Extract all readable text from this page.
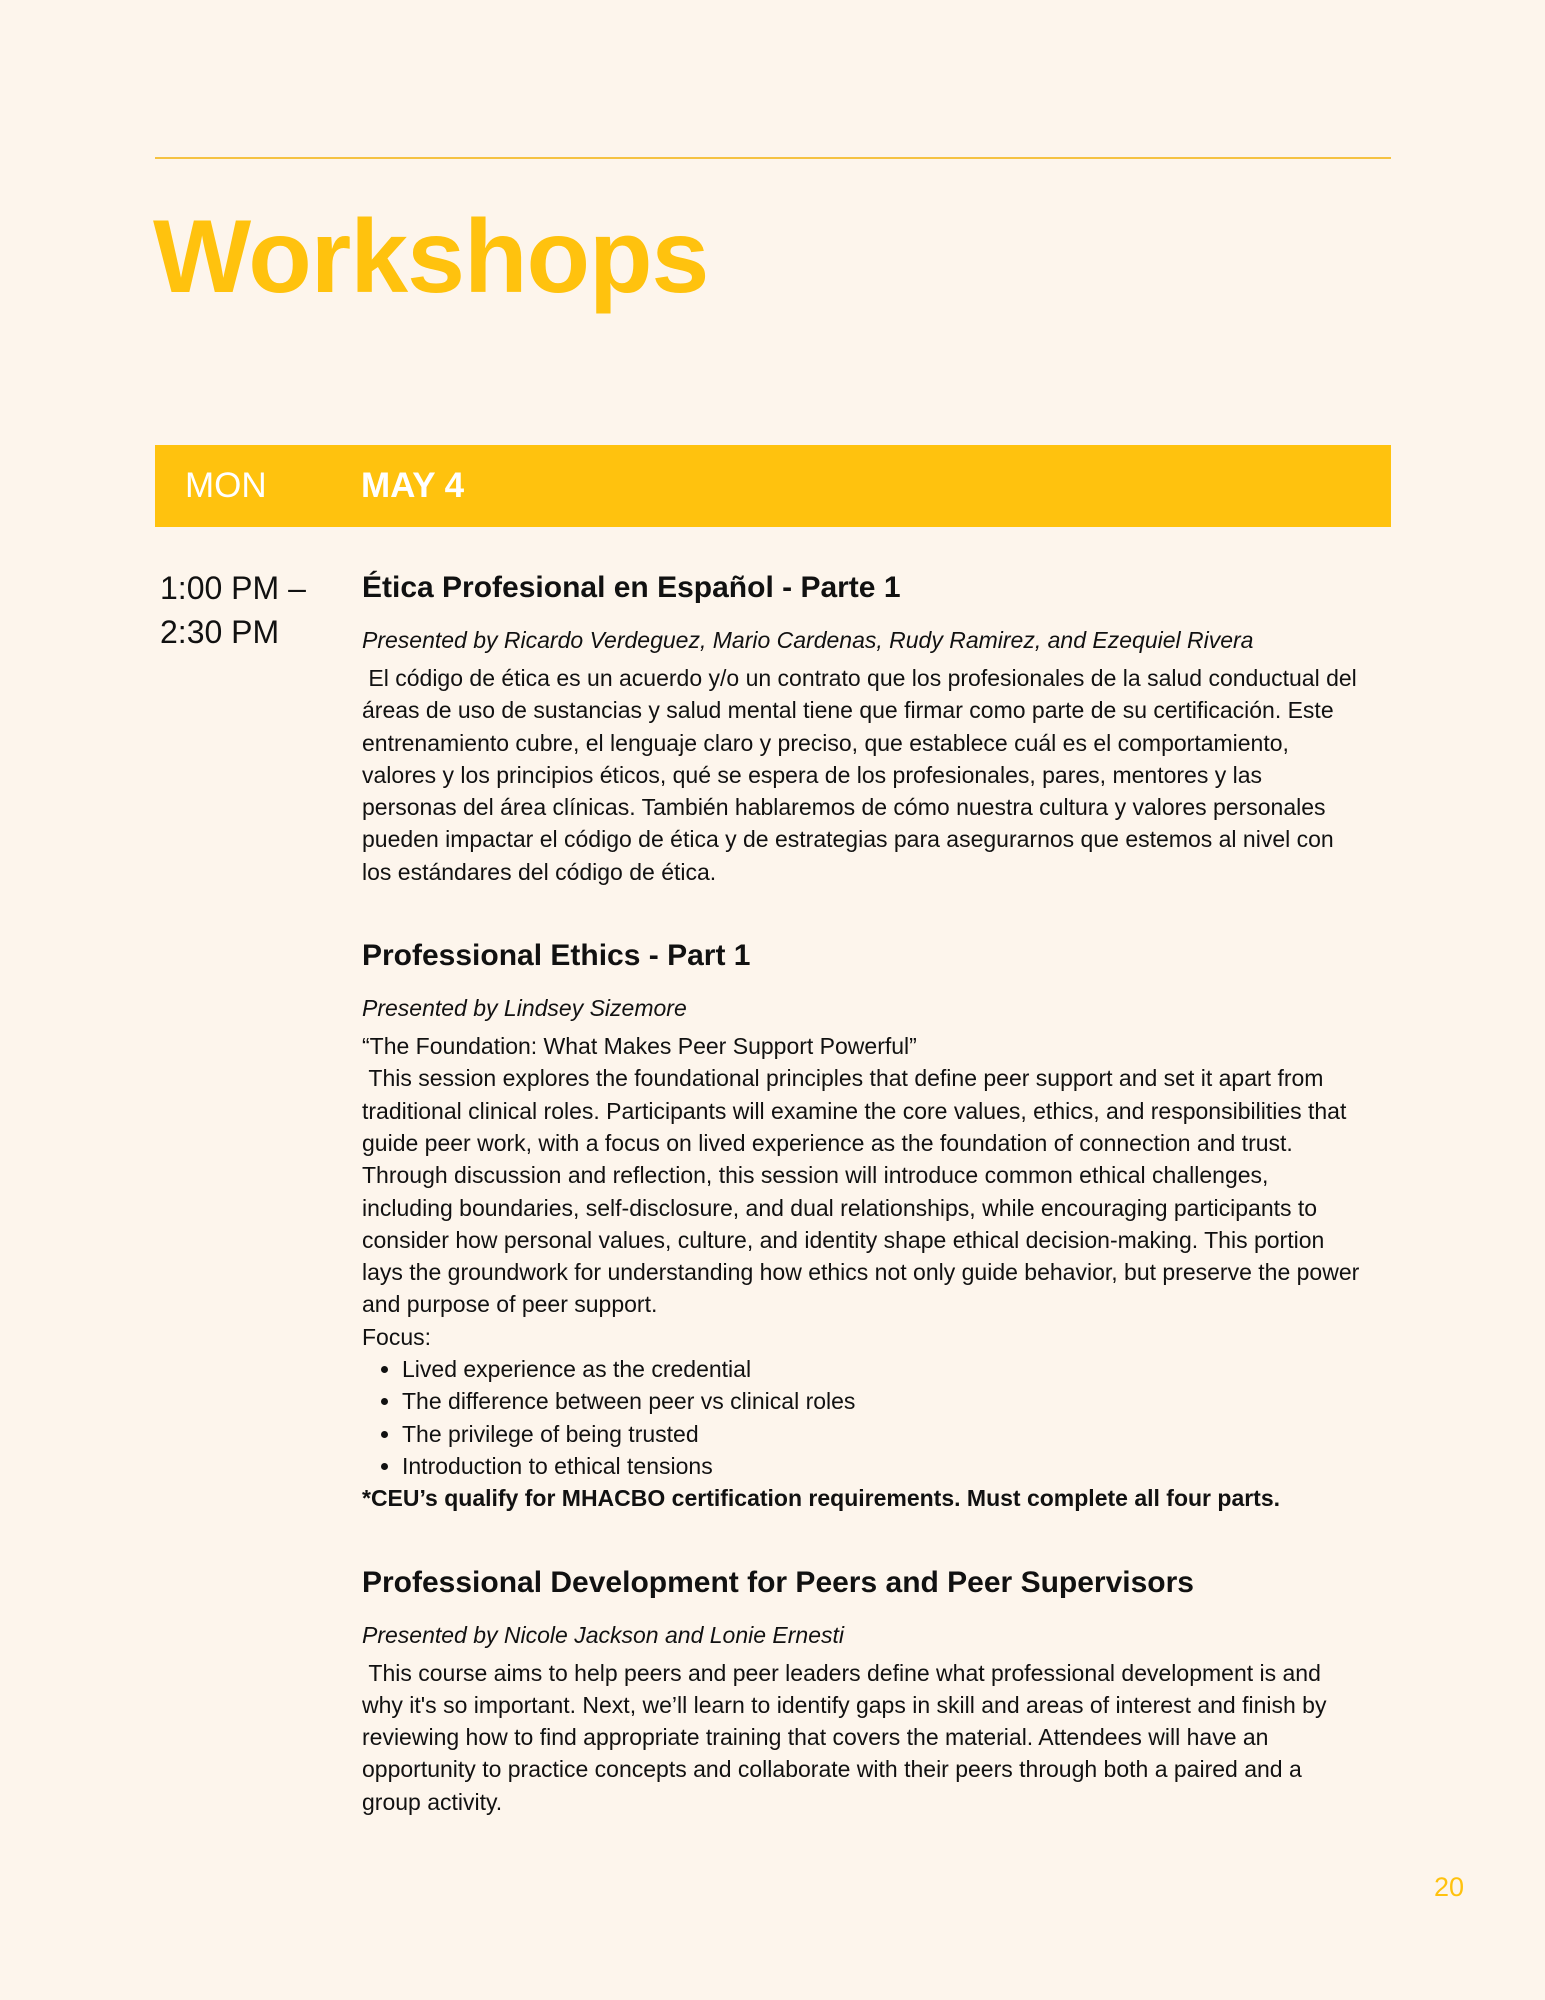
Workshops
MON	MAY 4
1:00 PM –
2:30 PM
Ética Profesional en Español - Parte 1

Presented by Ricardo Verdeguez, Mario Cardenas, Rudy Ramirez, and Ezequiel Rivera

El código de ética es un acuerdo y/o un contrato que los profesionales de la salud conductual del áreas de uso de sustancias y salud mental tiene que firmar como parte de su certificación. Este entrenamiento cubre, el lenguaje claro y preciso, que establece cuál es el comportamiento, valores y los principios éticos, qué se espera de los profesionales, pares, mentores y las personas del área clínicas. También hablaremos de cómo nuestra cultura y valores personales pueden impactar el código de ética y de estrategias para asegurarnos que estemos al nivel con los estándares del código de ética.

Professional Ethics - Part 1

Presented by Lindsey Sizemore

“The Foundation: What Makes Peer Support Powerful”

This session explores the foundational principles that define peer support and set it apart from traditional clinical roles. Participants will examine the core values, ethics, and responsibilities that guide peer work, with a focus on lived experience as the foundation of connection and trust. Through discussion and reflection, this session will introduce common ethical challenges, including boundaries, self-disclosure, and dual relationships, while encouraging participants to consider how personal values, culture, and identity shape ethical decision-making. This portion lays the groundwork for understanding how ethics not only guide behavior, but preserve the power and purpose of peer support.

Focus:

• Lived experience as the credential
• The difference between peer vs clinical roles
• The privilege of being trusted
• Introduction to ethical tensions

*CEU’s qualify for MHACBO certification requirements. Must complete all four parts.

Professional Development for Peers and Peer Supervisors

Presented by Nicole Jackson and Lonie Ernesti

This course aims to help peers and peer leaders define what professional development is and why it's so important. Next, we’ll learn to identify gaps in skill and areas of interest and finish by reviewing how to find appropriate training that covers the material. Attendees will have an opportunity to practice concepts and collaborate with their peers through both a paired and a group activity.

20
